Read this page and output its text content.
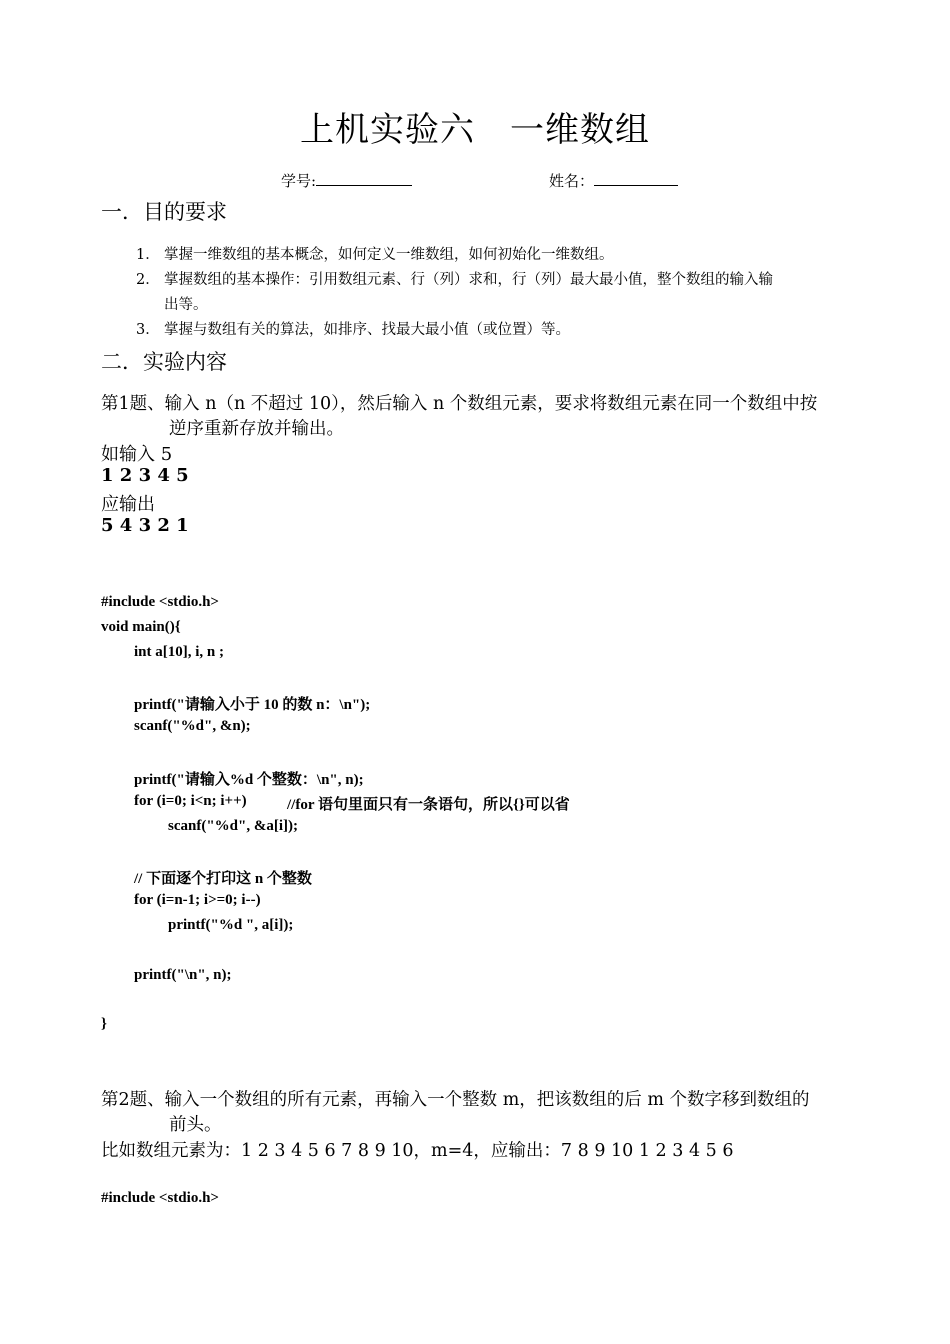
上机实验六　一维数组
学号:	姓名：
一．目的要求
1． 掌握一维数组的基本概念，如何定义一维数组，如何初始化一维数组。
2． 掌握数组的基本操作：引用数组元素、行（列）求和，行（列）最大最小值，整个数组的输入输
出等。
3． 掌握与数组有关的算法，如排序、找最大最小值（或位置）等。
二．实验内容
第1题、输入 n（n 不超过 10），然后输入 n 个数组元素，要求将数组元素在同一个数组中按
逆序重新存放并输出。
如输入 5
1 2 3 4 5
应输出
5 4 3 2 1
#include <stdio.h>
void main(){
int a[10], i, n ;
printf("请输入小于 10 的数 n：\n");
scanf("%d", &n);
printf("请输入%d 个整数：\n", n);
for (i=0; i<n; i++)	//for 语句里面只有一条语句，所以{}可以省
scanf("%d", &a[i]);
// 下面逐个打印这 n 个整数
for (i=n-1; i>=0; i--)
printf("%d ", a[i]);
printf("\n", n);
}
第2题、输入一个数组的所有元素，再输入一个整数 m，把该数组的后 m 个数字移到数组的
前头。
比如数组元素为：1 2 3 4 5 6 7 8 9 10，m=4，应输出：7 8 9 10 1 2 3 4 5 6
#include <stdio.h>
